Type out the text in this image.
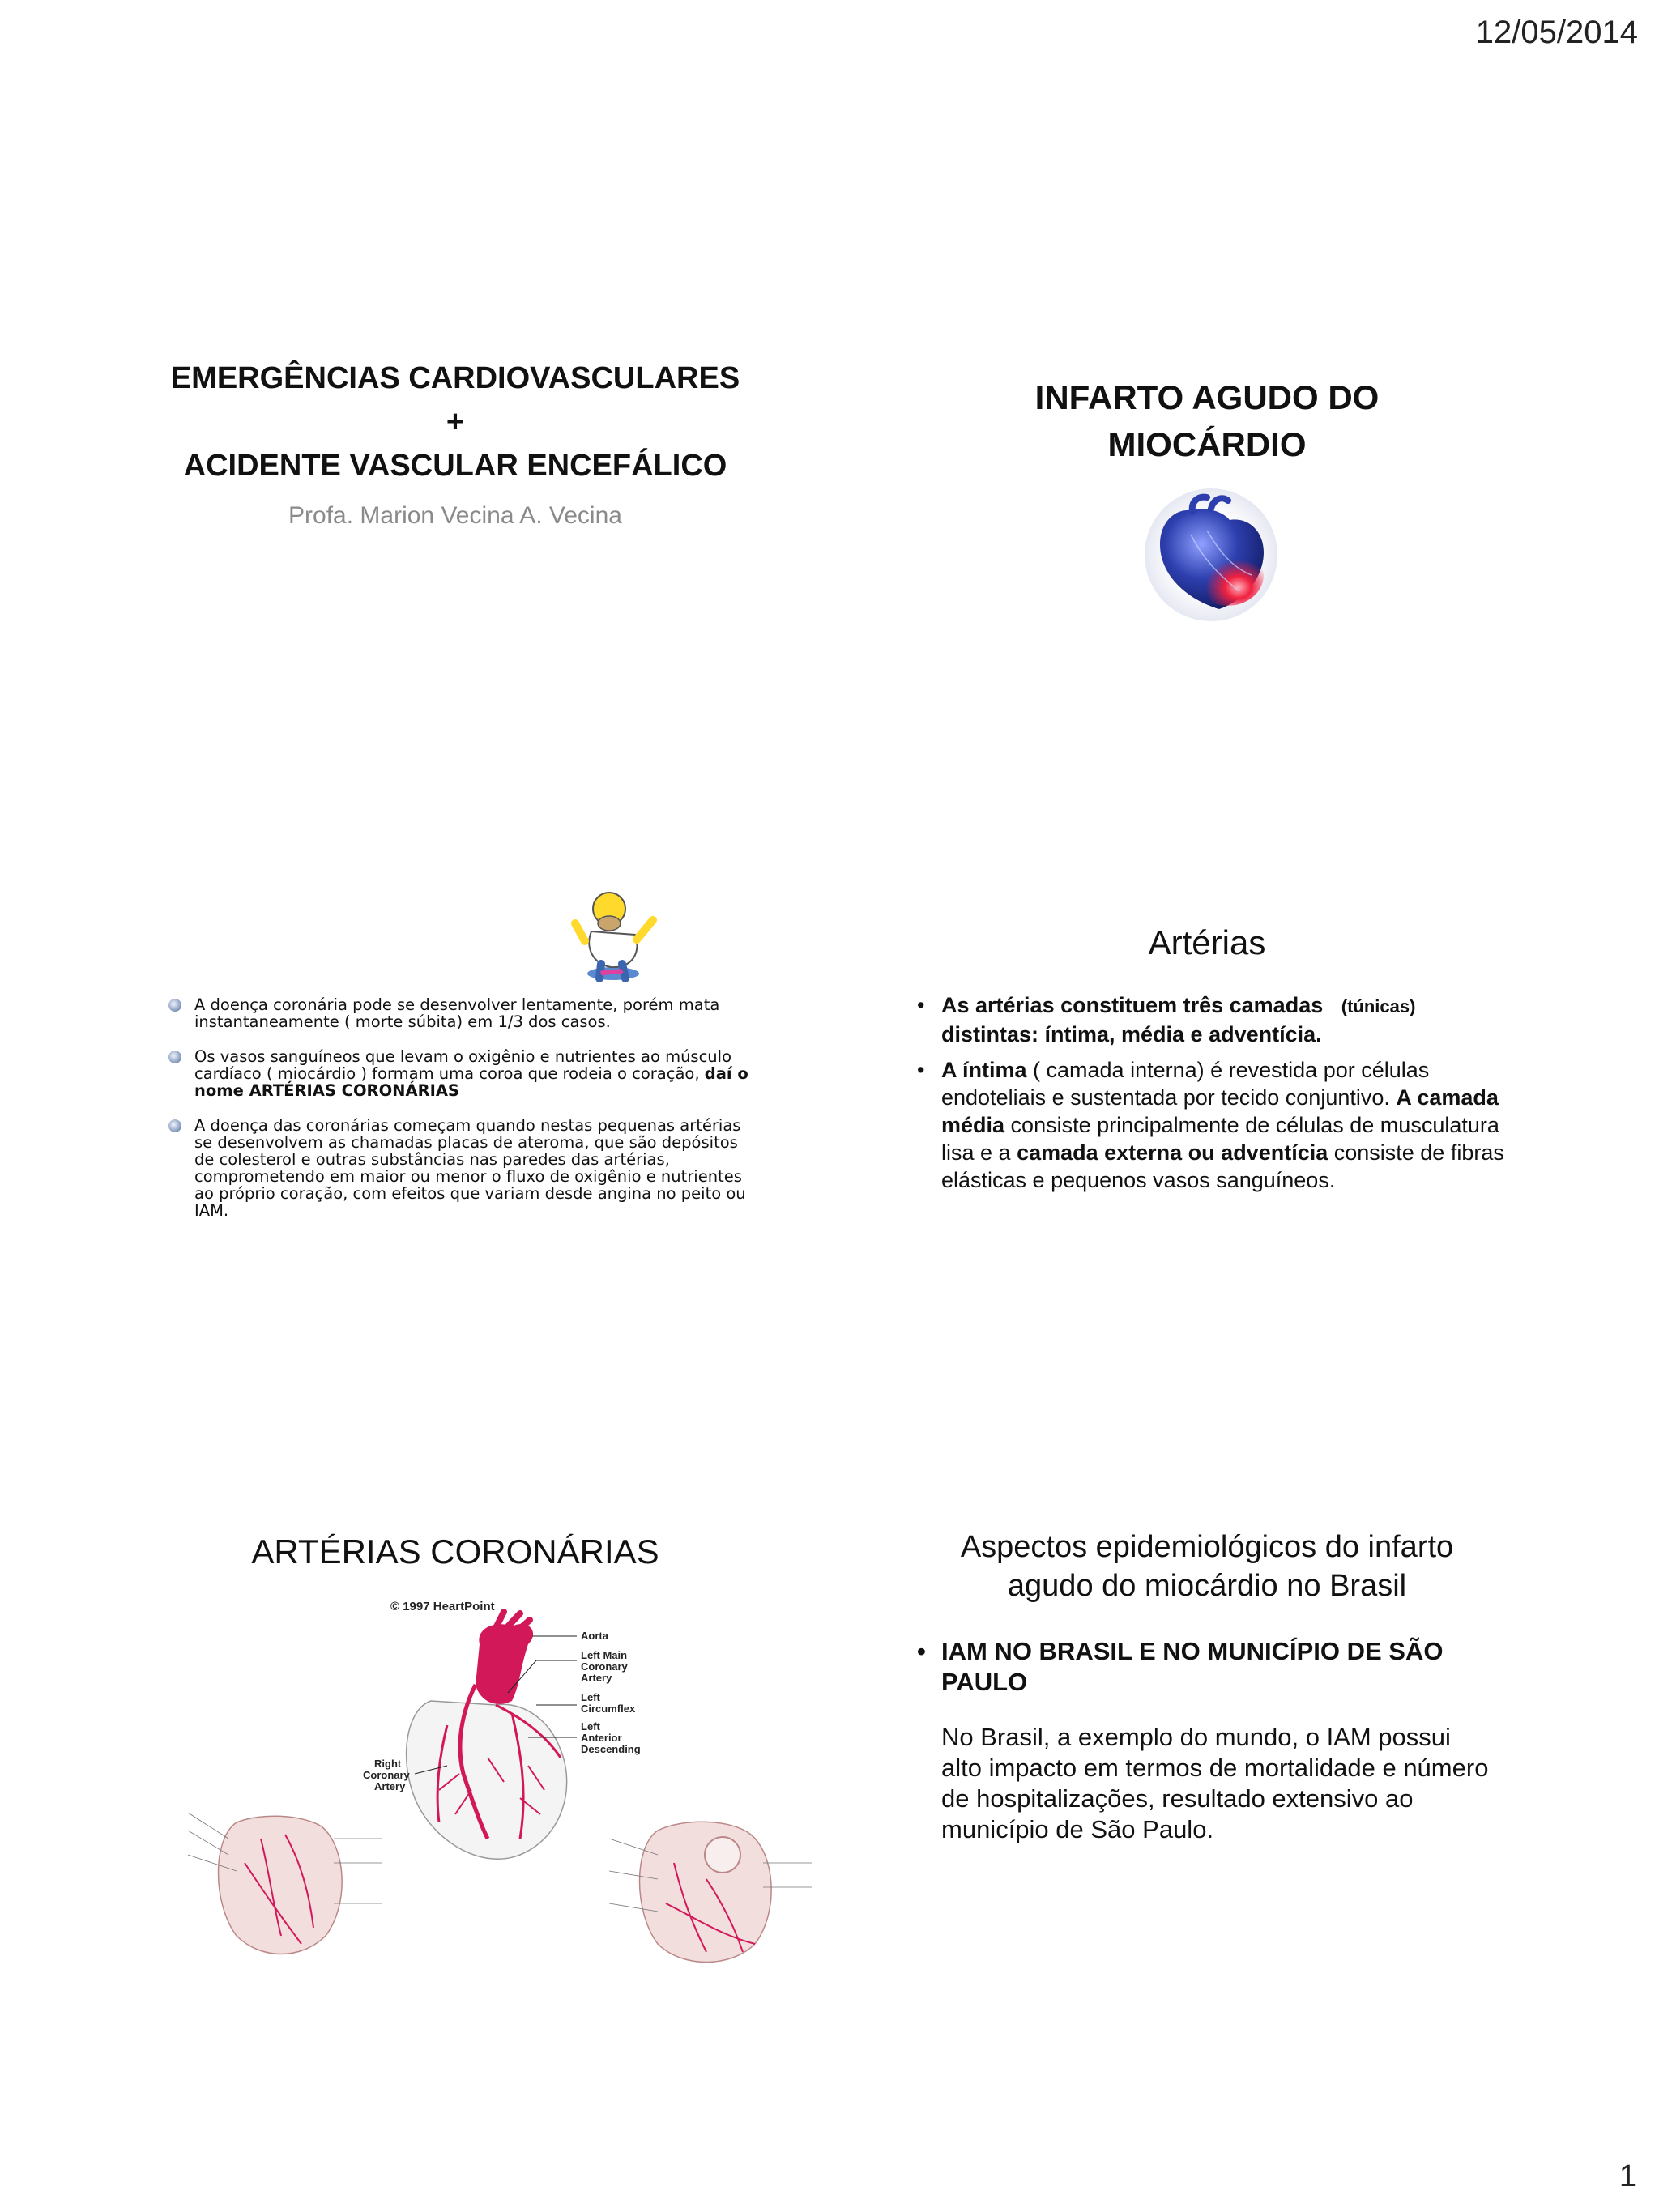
12/05/2014
EMERGÊNCIAS CARDIOVASCULARES
+
ACIDENTE VASCULAR ENCEFÁLICO
Profa. Marion Vecina A. Vecina
INFARTO AGUDO DO
MIOCÁRDIO
A doença coronária pode se desenvolver lentamente, porém mata instantaneamente ( morte súbita) em 1/3 dos casos.
Os vasos sanguíneos que levam o oxigênio e nutrientes ao músculo cardíaco ( miocárdio ) formam uma coroa que rodeia o coração, daí o nome ARTÉRIAS CORONÁRIAS
A doença das coronárias começam quando nestas pequenas artérias se desenvolvem as chamadas placas de ateroma, que são depósitos de colesterol e outras substâncias nas paredes das artérias, comprometendo em maior ou menor o fluxo de oxigênio e nutrientes ao próprio coração, com efeitos que variam desde angina no peito ou IAM.
Artérias
• As artérias constituem três camadas (túnicas)
distintas: íntima, média e adventícia.
• A íntima ( camada interna) é revestida por células endoteliais e sustentada por tecido conjuntivo. A camada média consiste principalmente de células de musculatura lisa e a camada externa ou adventícia consiste de fibras elásticas e pequenos vasos sanguíneos.
ARTÉRIAS CORONÁRIAS
© 1997 HeartPoint
Aorta
Left Main
Coronary
Artery
Left
Circumflex
Left
Anterior
Descending
Right
Coronary
Artery
Aspectos epidemiológicos do infarto
agudo do miocárdio no Brasil
• IAM NO BRASIL E NO MUNICÍPIO DE SÃO PAULO
No Brasil, a exemplo do mundo, o IAM possui alto impacto em termos de mortalidade e número de hospitalizações, resultado extensivo ao município de São Paulo.
1
